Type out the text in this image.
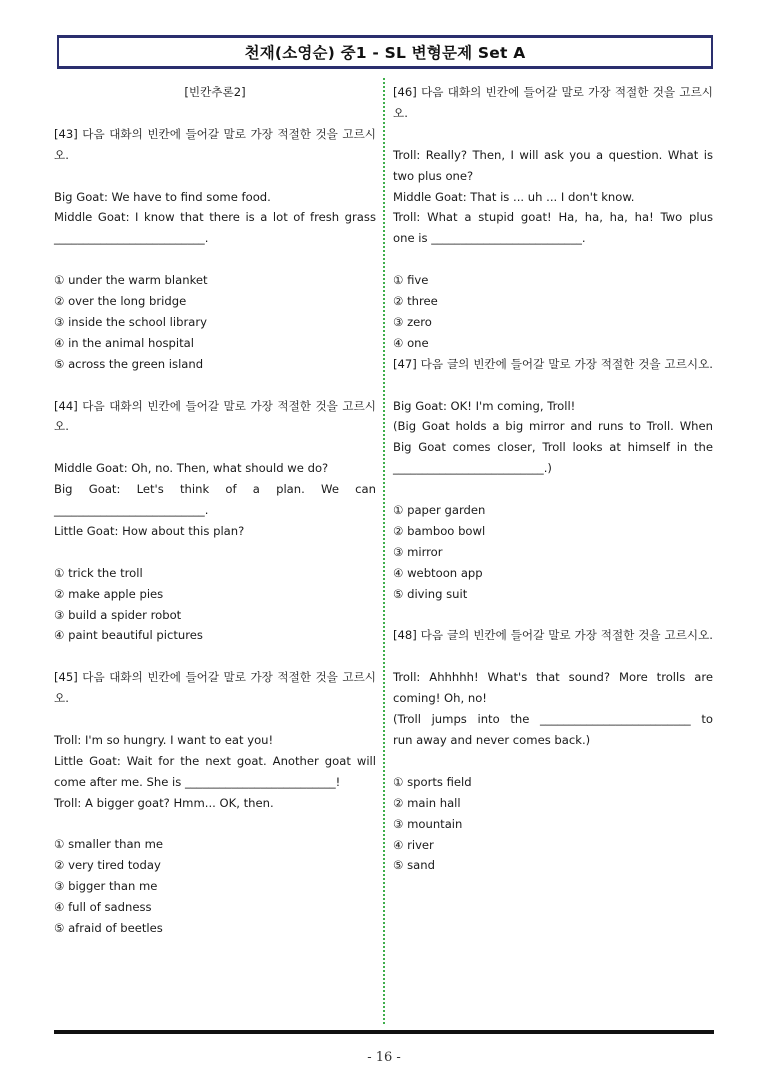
천재(소영순) 중1 - SL 변형문제 Set A
[빈칸추론2]
[43] 다음 대화의 빈칸에 들어갈 말로 가장 적절한 것을 고르시
오.
Big Goat: We have to find some food.
Middle Goat: I know that there is a lot of fresh grass
__________________________.
① under the warm blanket
② over the long bridge
③ inside the school library
④ in the animal hospital
⑤ across the green island
[44] 다음 대화의 빈칸에 들어갈 말로 가장 적절한 것을 고르시
오.
Middle Goat: Oh, no. Then, what should we do?
Big Goat: Let's think of a plan. We can
__________________________.
Little Goat: How about this plan?
① trick the troll
② make apple pies
③ build a spider robot
④ paint beautiful pictures
[45] 다음 대화의 빈칸에 들어갈 말로 가장 적절한 것을 고르시
오.
Troll: I'm so hungry. I want to eat you!
Little Goat: Wait for the next goat. Another goat will
come after me. She is __________________________!
Troll: A bigger goat? Hmm... OK, then.
① smaller than me
② very tired today
③ bigger than me
④ full of sadness
⑤ afraid of beetles
[46] 다음 대화의 빈칸에 들어갈 말로 가장 적절한 것을 고르시
오.
Troll: Really? Then, I will ask you a question. What is
two plus one?
Middle Goat: That is ... uh ... I don't know.
Troll: What a stupid goat! Ha, ha, ha, ha! Two plus
one is __________________________.
① five
② three
③ zero
④ one
[47] 다음 글의 빈칸에 들어갈 말로 가장 적절한 것을 고르시오.
Big Goat: OK! I'm coming, Troll!
(Big Goat holds a big mirror and runs to Troll. When
Big Goat comes closer, Troll looks at himself in the
__________________________.)
① paper garden
② bamboo bowl
③ mirror
④ webtoon app
⑤ diving suit
[48] 다음 글의 빈칸에 들어갈 말로 가장 적절한 것을 고르시오.
Troll: Ahhhhh! What's that sound? More trolls are
coming! Oh, no!
(Troll jumps into the __________________________ to
run away and never comes back.)
① sports field
② main hall
③ mountain
④ river
⑤ sand
- 16 -
